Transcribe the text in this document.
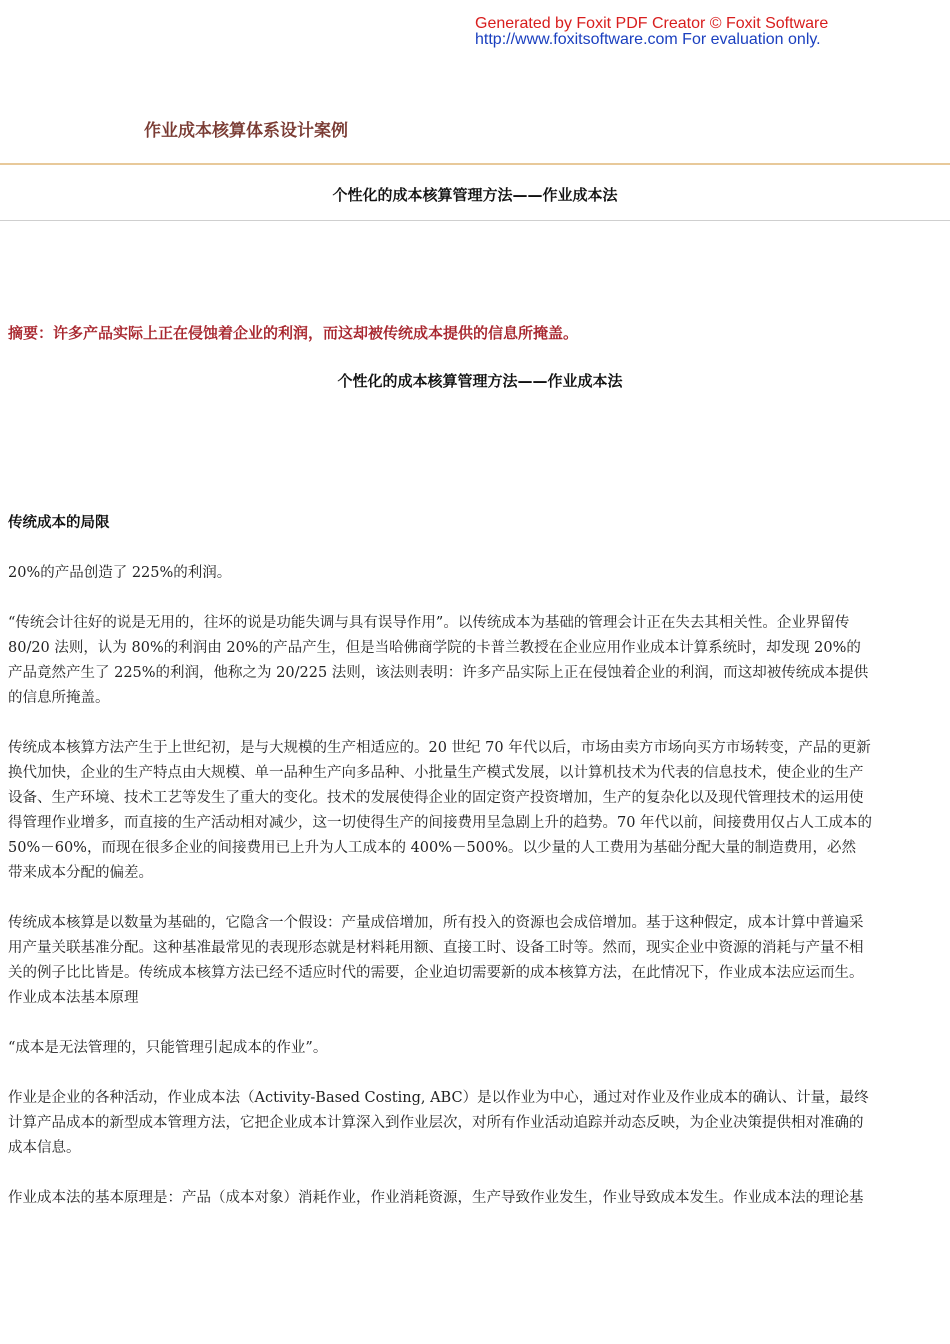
Generated by Foxit PDF Creator © Foxit Software
http://www.foxitsoftware.com For evaluation only.
作业成本核算体系设计案例
个性化的成本核算管理方法——作业成本法
摘要：许多产品实际上正在侵蚀着企业的利润，而这却被传统成本提供的信息所掩盖。
个性化的成本核算管理方法——作业成本法
传统成本的局限
20%的产品创造了 225%的利润。
“传统会计往好的说是无用的，往坏的说是功能失调与具有误导作用”。以传统成本为基础的管理会计正在失去其相关性。企业界留传
80/20 法则，认为 80%的利润由 20%的产品产生，但是当哈佛商学院的卡普兰教授在企业应用作业成本计算系统时，却发现 20%的
产品竟然产生了 225%的利润，他称之为 20/225 法则，该法则表明：许多产品实际上正在侵蚀着企业的利润，而这却被传统成本提供
的信息所掩盖。
传统成本核算方法产生于上世纪初，是与大规模的生产相适应的。20 世纪 70 年代以后，市场由卖方市场向买方市场转变，产品的更新
换代加快，企业的生产特点由大规模、单一品种生产向多品种、小批量生产模式发展，以计算机技术为代表的信息技术，使企业的生产
设备、生产环境、技术工艺等发生了重大的变化。技术的发展使得企业的固定资产投资增加，生产的复杂化以及现代管理技术的运用使
得管理作业增多，而直接的生产活动相对减少，这一切使得生产的间接费用呈急剧上升的趋势。70 年代以前，间接费用仅占人工成本的
50%－60%，而现在很多企业的间接费用已上升为人工成本的 400%－500%。以少量的人工费用为基础分配大量的制造费用，必然
带来成本分配的偏差。
传统成本核算是以数量为基础的，它隐含一个假设：产量成倍增加，所有投入的资源也会成倍增加。基于这种假定，成本计算中普遍采
用产量关联基准分配。这种基准最常见的表现形态就是材料耗用额、直接工时、设备工时等。然而，现实企业中资源的消耗与产量不相
关的例子比比皆是。传统成本核算方法已经不适应时代的需要，企业迫切需要新的成本核算方法，在此情况下，作业成本法应运而生。
作业成本法基本原理
“成本是无法管理的，只能管理引起成本的作业”。
作业是企业的各种活动，作业成本法（Activity-Based Costing, ABC）是以作业为中心，通过对作业及作业成本的确认、计量，最终
计算产品成本的新型成本管理方法，它把企业成本计算深入到作业层次，对所有作业活动追踪并动态反映，为企业决策提供相对准确的
成本信息。
作业成本法的基本原理是：产品（成本对象）消耗作业，作业消耗资源，生产导致作业发生，作业导致成本发生。作业成本法的理论基
